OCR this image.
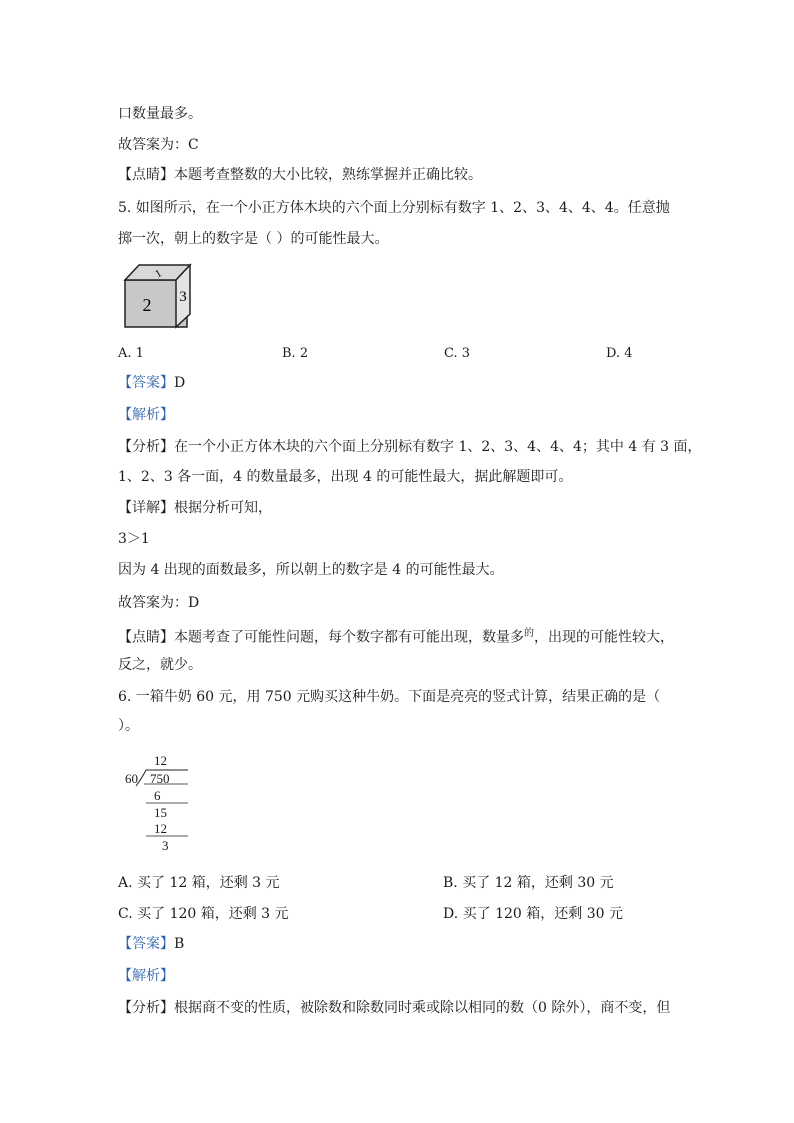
口数量最多。
故答案为：C
【点睛】本题考查整数的大小比较，熟练掌握并正确比较。
5. 如图所示，在一个小正方体木块的六个面上分别标有数字 1、2、3、4、4、4。任意抛
掷一次，朝上的数字是（ ）的可能性最大。
1
2 3
A. 1	B. 2	C. 3	D. 4
【答案】D
【解析】
【分析】在一个小正方体木块的六个面上分别标有数字 1、2、3、4、4、4；其中 4 有 3 面，
1、2、3 各一面，4 的数量最多，出现 4 的可能性最大，据此解题即可。
【详解】根据分析可知，
3＞1
因为 4 出现的面数最多，所以朝上的数字是 4 的可能性最大。
故答案为：D
【点睛】本题考查了可能性问题，每个数字都有可能出现，数量多$^的$，出现的可能性较大，
反之，就少。
6. 一箱牛奶 60 元，用 750 元购买这种牛奶。下面是亮亮的竖式计算，结果正确的是（
）。
12
60 750
6
15
12
3
A. 买了 12 箱，还剩 3 元	B. 买了 12 箱，还剩 30 元
C. 买了 120 箱，还剩 3 元	D. 买了 120 箱，还剩 30 元
【答案】B
【解析】
【分析】根据商不变的性质，被除数和除数同时乘或除以相同的数（0 除外），商不变，但
